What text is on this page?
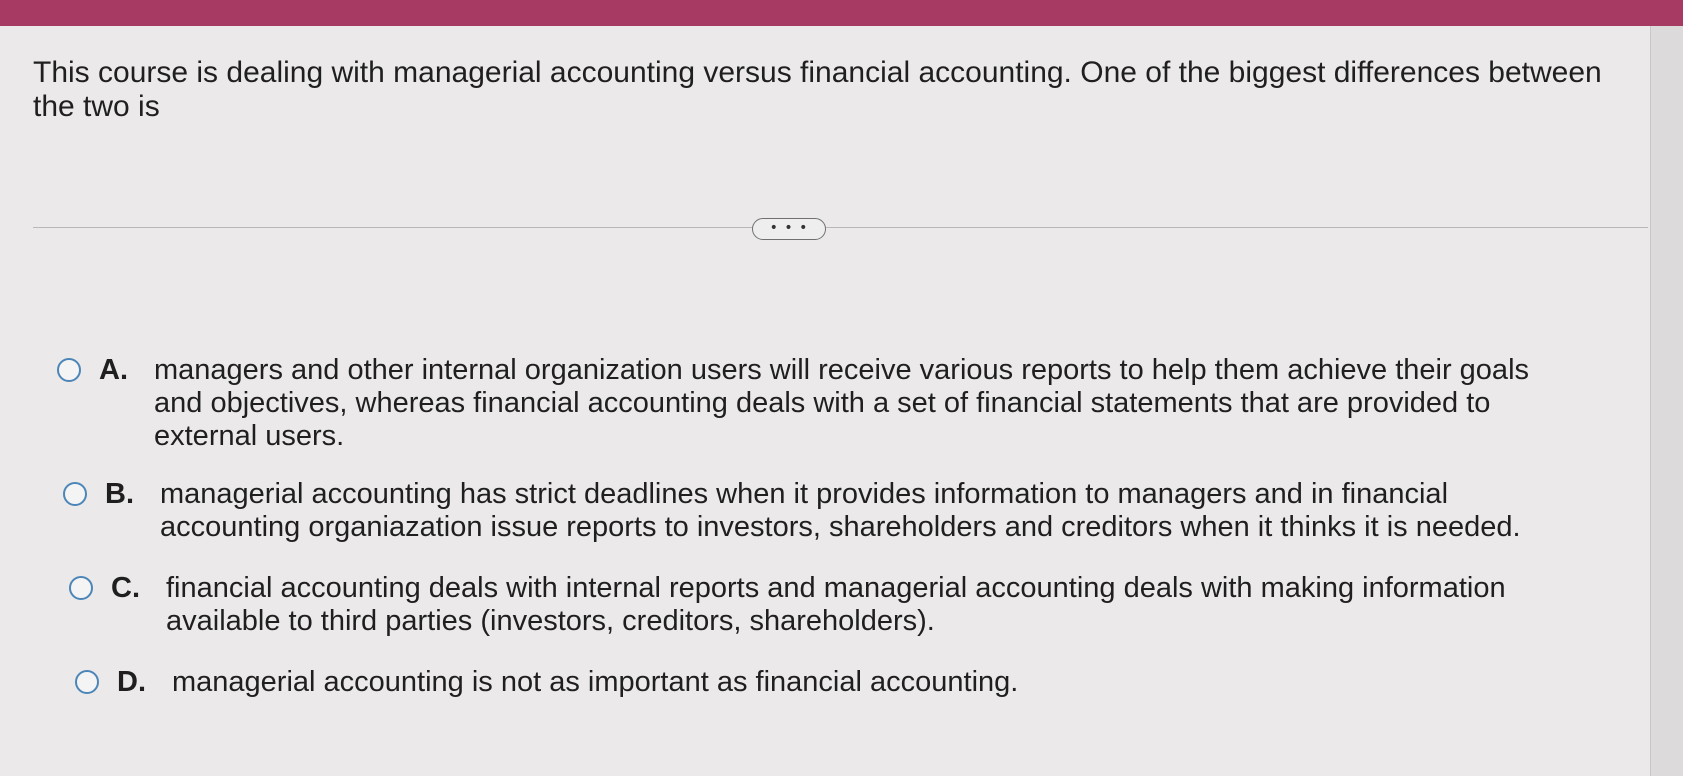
This course is dealing with managerial accounting versus financial accounting. One of the biggest differences between the two is
• • •
A. managers and other internal organization users will receive various reports to help them achieve their goals and objectives, whereas financial accounting deals with a set of financial statements that are provided to external users.
B. managerial accounting has strict deadlines when it provides information to managers and in financial accounting organiazation issue reports to investors, shareholders and creditors when it thinks it is needed.
C. financial accounting deals with internal reports and managerial accounting deals with making information available to third parties (investors, creditors, shareholders).
D. managerial accounting is not as important as financial accounting.
